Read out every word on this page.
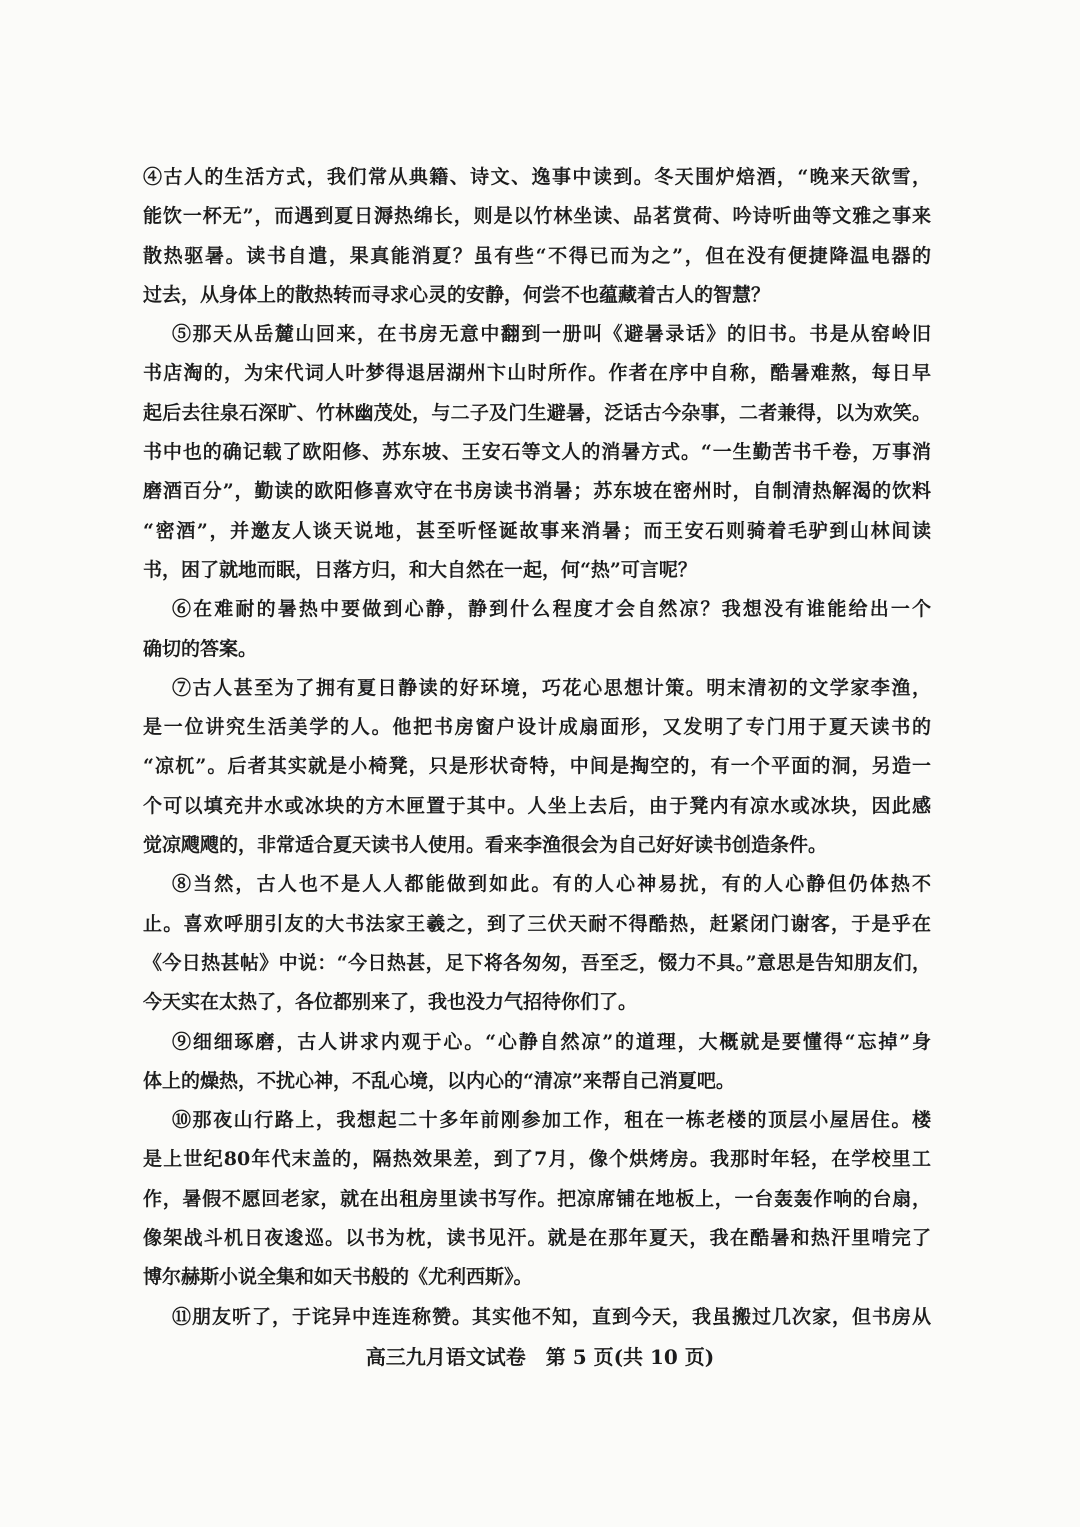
④古人的生活方式，我们常从典籍、诗文、逸事中读到。冬天围炉焙酒，“晚来天欲雪，
能饮一杯无”，而遇到夏日溽热绵长，则是以竹林坐读、品茗赏荷、吟诗听曲等文雅之事来
散热驱暑。读书自遣，果真能消夏？虽有些“不得已而为之”，但在没有便捷降温电器的
过去，从身体上的散热转而寻求心灵的安静，何尝不也蕴藏着古人的智慧？
⑤那天从岳麓山回来，在书房无意中翻到一册叫《避暑录话》的旧书。书是从窑岭旧
书店淘的，为宋代词人叶梦得退居湖州卞山时所作。作者在序中自称，酷暑难熬，每日早
起后去往泉石深旷、竹林幽茂处，与二子及门生避暑，泛话古今杂事，二者兼得，以为欢笑。
书中也的确记载了欧阳修、苏东坡、王安石等文人的消暑方式。“一生勤苦书千卷，万事消
磨酒百分”，勤读的欧阳修喜欢守在书房读书消暑；苏东坡在密州时，自制清热解渴的饮料
“密酒”，并邀友人谈天说地，甚至听怪诞故事来消暑；而王安石则骑着毛驴到山林间读
书，困了就地而眠，日落方归，和大自然在一起，何“热”可言呢？
⑥在难耐的暑热中要做到心静，静到什么程度才会自然凉？我想没有谁能给出一个
确切的答案。
⑦古人甚至为了拥有夏日静读的好环境，巧花心思想计策。明末清初的文学家李渔，
是一位讲究生活美学的人。他把书房窗户设计成扇面形，又发明了专门用于夏天读书的
“凉杌”。后者其实就是小椅凳，只是形状奇特，中间是掏空的，有一个平面的洞，另造一
个可以填充井水或冰块的方木匣置于其中。人坐上去后，由于凳内有凉水或冰块，因此感
觉凉飕飕的，非常适合夏天读书人使用。看来李渔很会为自己好好读书创造条件。
⑧当然，古人也不是人人都能做到如此。有的人心神易扰，有的人心静但仍体热不
止。喜欢呼朋引友的大书法家王羲之，到了三伏天耐不得酷热，赶紧闭门谢客，于是乎在
《今日热甚帖》中说：“今日热甚，足下将各匆匆，吾至乏，惙力不具。”意思是告知朋友们，
今天实在太热了，各位都别来了，我也没力气招待你们了。
⑨细细琢磨，古人讲求内观于心。“心静自然凉”的道理，大概就是要懂得“忘掉”身
体上的燥热，不扰心神，不乱心境，以内心的“清凉”来帮自己消夏吧。
⑩那夜山行路上，我想起二十多年前刚参加工作，租在一栋老楼的顶层小屋居住。楼
是上世纪80年代末盖的，隔热效果差，到了7月，像个烘烤房。我那时年轻，在学校里工
作，暑假不愿回老家，就在出租房里读书写作。把凉席铺在地板上，一台轰轰作响的台扇，
像架战斗机日夜逡巡。以书为枕，读书见汗。就是在那年夏天，我在酷暑和热汗里啃完了
博尔赫斯小说全集和如天书般的《尤利西斯》。
⑪朋友听了，于诧异中连连称赞。其实他不知，直到今天，我虽搬过几次家，但书房从
高三九月语文试卷　第 5 页(共 10 页)
